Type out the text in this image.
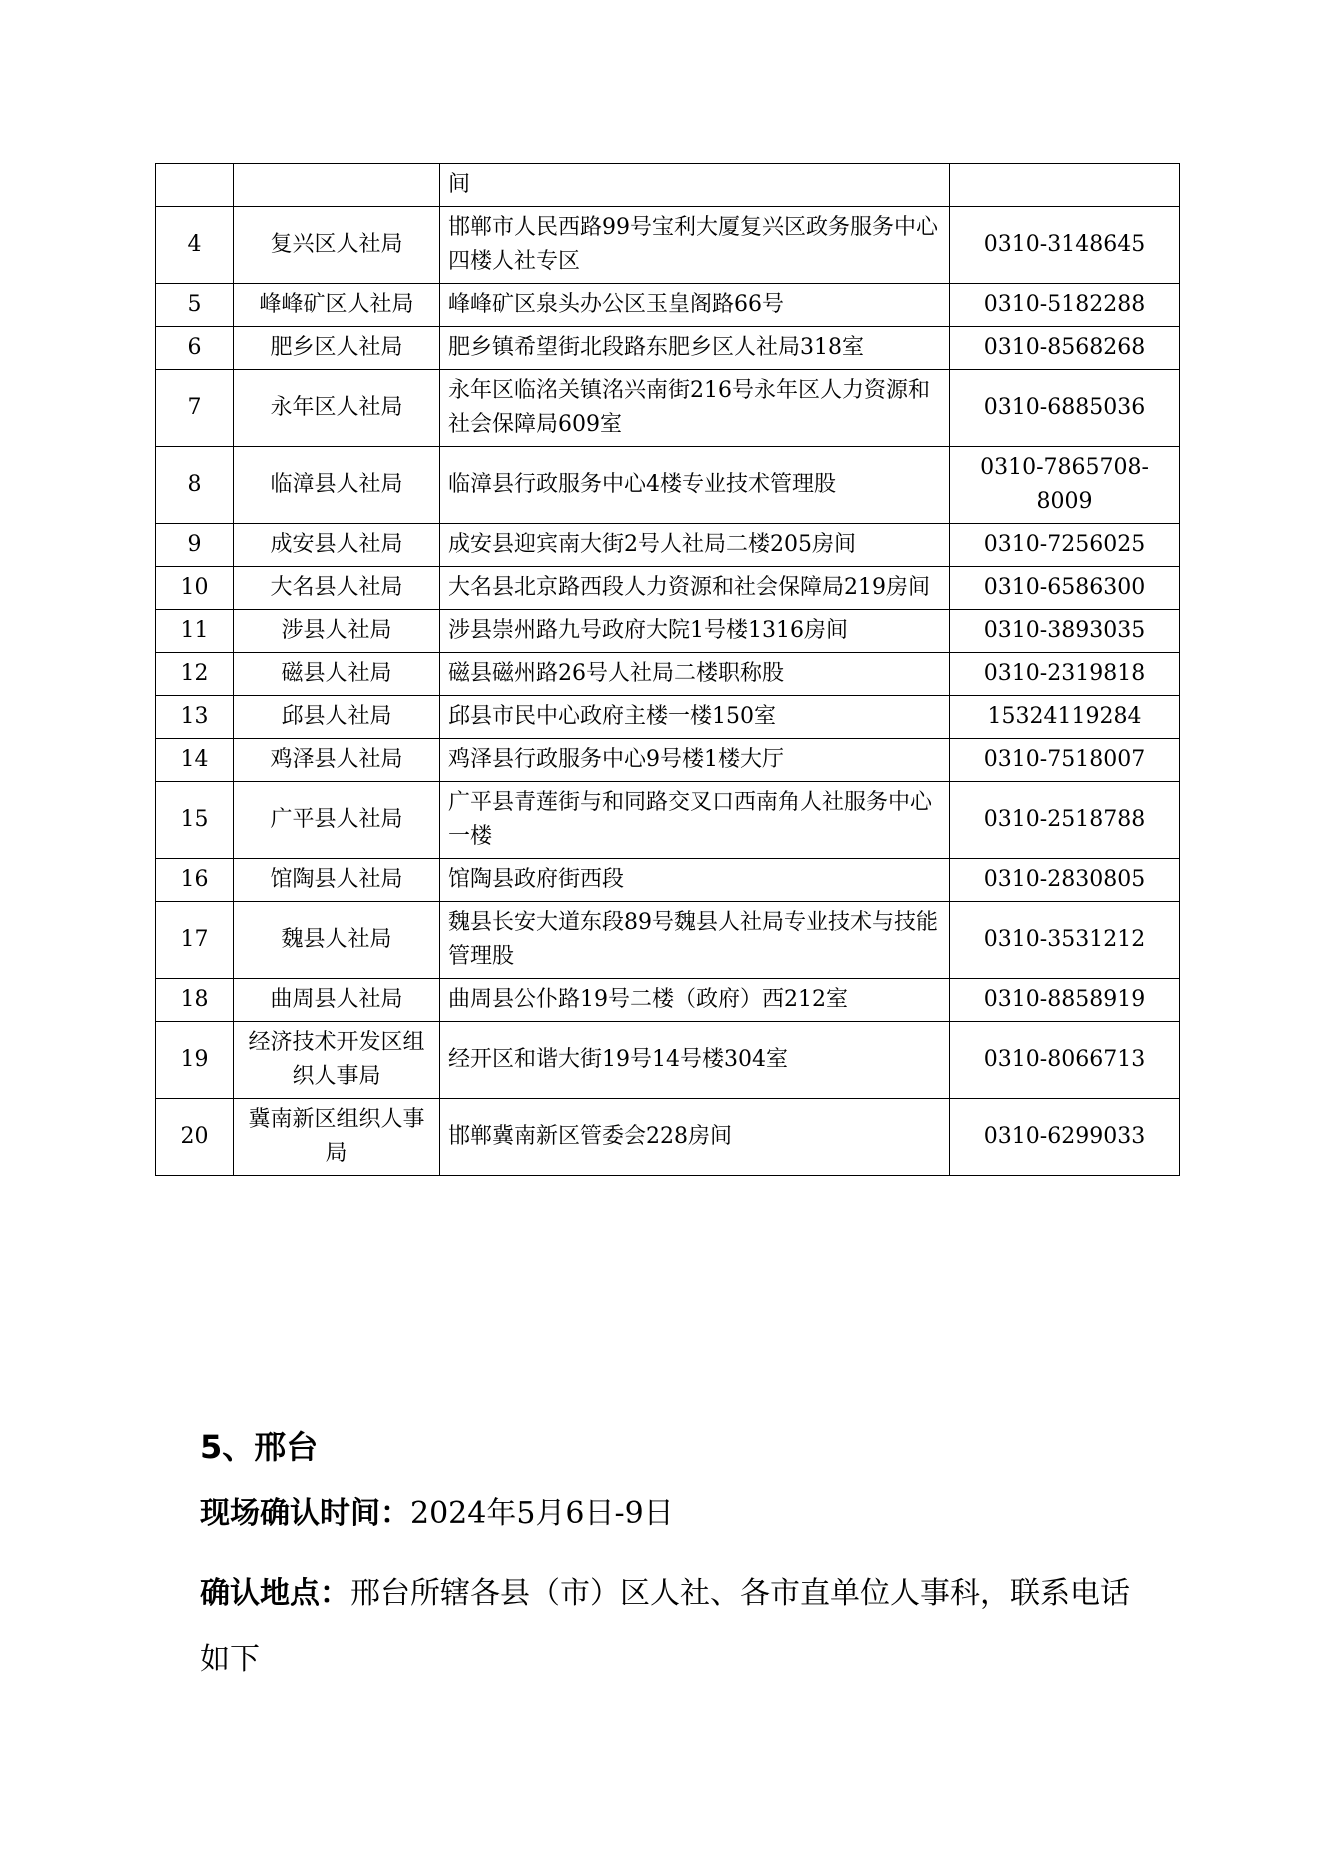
		间	
4	复兴区人社局	邯郸市人民西路99号宝利大厦复兴区政务服务中心四楼人社专区	0310-3148645
5	峰峰矿区人社局	峰峰矿区泉头办公区玉皇阁路66号	0310-5182288
6	肥乡区人社局	肥乡镇希望街北段路东肥乡区人社局318室	0310-8568268
7	永年区人社局	永年区临洺关镇洺兴南街216号永年区人力资源和社会保障局609室	0310-6885036
8	临漳县人社局	临漳县行政服务中心4楼专业技术管理股	0310-7865708-8009
9	成安县人社局	成安县迎宾南大街2号人社局二楼205房间	0310-7256025
10	大名县人社局	大名县北京路西段人力资源和社会保障局219房间	0310-6586300
11	涉县人社局	涉县崇州路九号政府大院1号楼1316房间	0310-3893035
12	磁县人社局	磁县磁州路26号人社局二楼职称股	0310-2319818
13	邱县人社局	邱县市民中心政府主楼一楼150室	15324119284
14	鸡泽县人社局	鸡泽县行政服务中心9号楼1楼大厅	0310-7518007
15	广平县人社局	广平县青莲街与和同路交叉口西南角人社服务中心一楼	0310-2518788
16	馆陶县人社局	馆陶县政府街西段	0310-2830805
17	魏县人社局	魏县长安大道东段89号魏县人社局专业技术与技能管理股	0310-3531212
18	曲周县人社局	曲周县公仆路19号二楼（政府）西212室	0310-8858919
19	经济技术开发区组织人事局	经开区和谐大街19号14号楼304室	0310-8066713
20	冀南新区组织人事局	邯郸冀南新区管委会228房间	0310-6299033
5、邢台
现场确认时间：2024年5月6日-9日
确认地点：邢台所辖各县（市）区人社、各市直单位人事科，联系电话如下
